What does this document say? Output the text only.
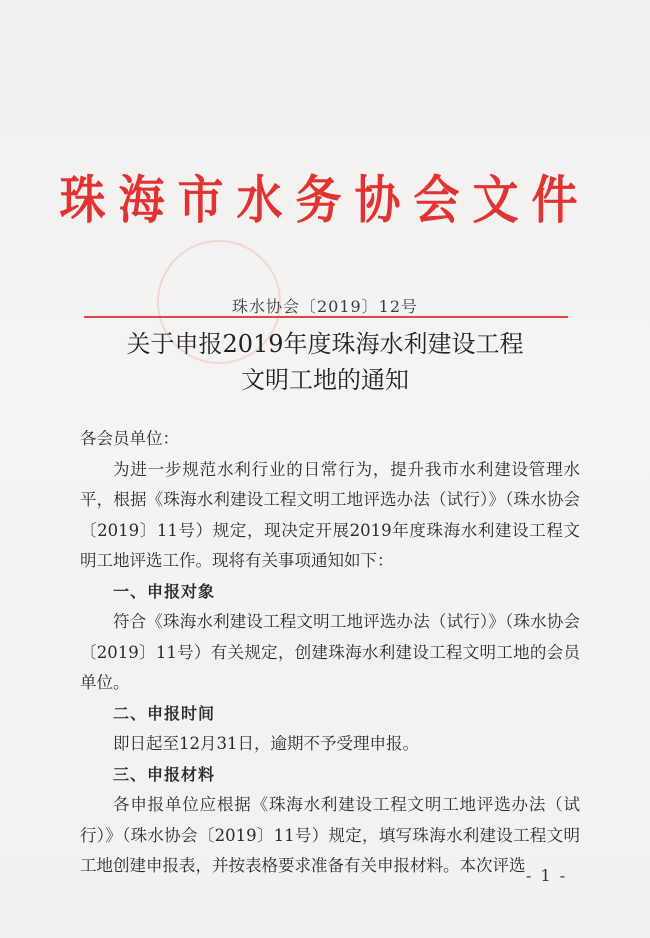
珠海市水务协会文件
珠水协会〔2019〕12号
关于申报2019年度珠海水利建设工程
文明工地的通知

各会员单位：

为进一步规范水利行业的日常行为，提升我市水利建设管理水平，根据《珠海水利建设工程文明工地评选办法（试行）》（珠水协会〔2019〕11号）规定，现决定开展2019年度珠海水利建设工程文明工地评选工作。现将有关事项通知如下：

一、申报对象

符合《珠海水利建设工程文明工地评选办法（试行）》（珠水协会〔2019〕11号）有关规定，创建珠海水利建设工程文明工地的会员单位。

二、申报时间

即日起至12月31日，逾期不予受理申报。

三、申报材料

各申报单位应根据《珠海水利建设工程文明工地评选办法（试行）》（珠水协会〔2019〕11号）规定，填写珠海水利建设工程文明工地创建申报表，并按表格要求准备有关申报材料。本次评选

- 1 -
